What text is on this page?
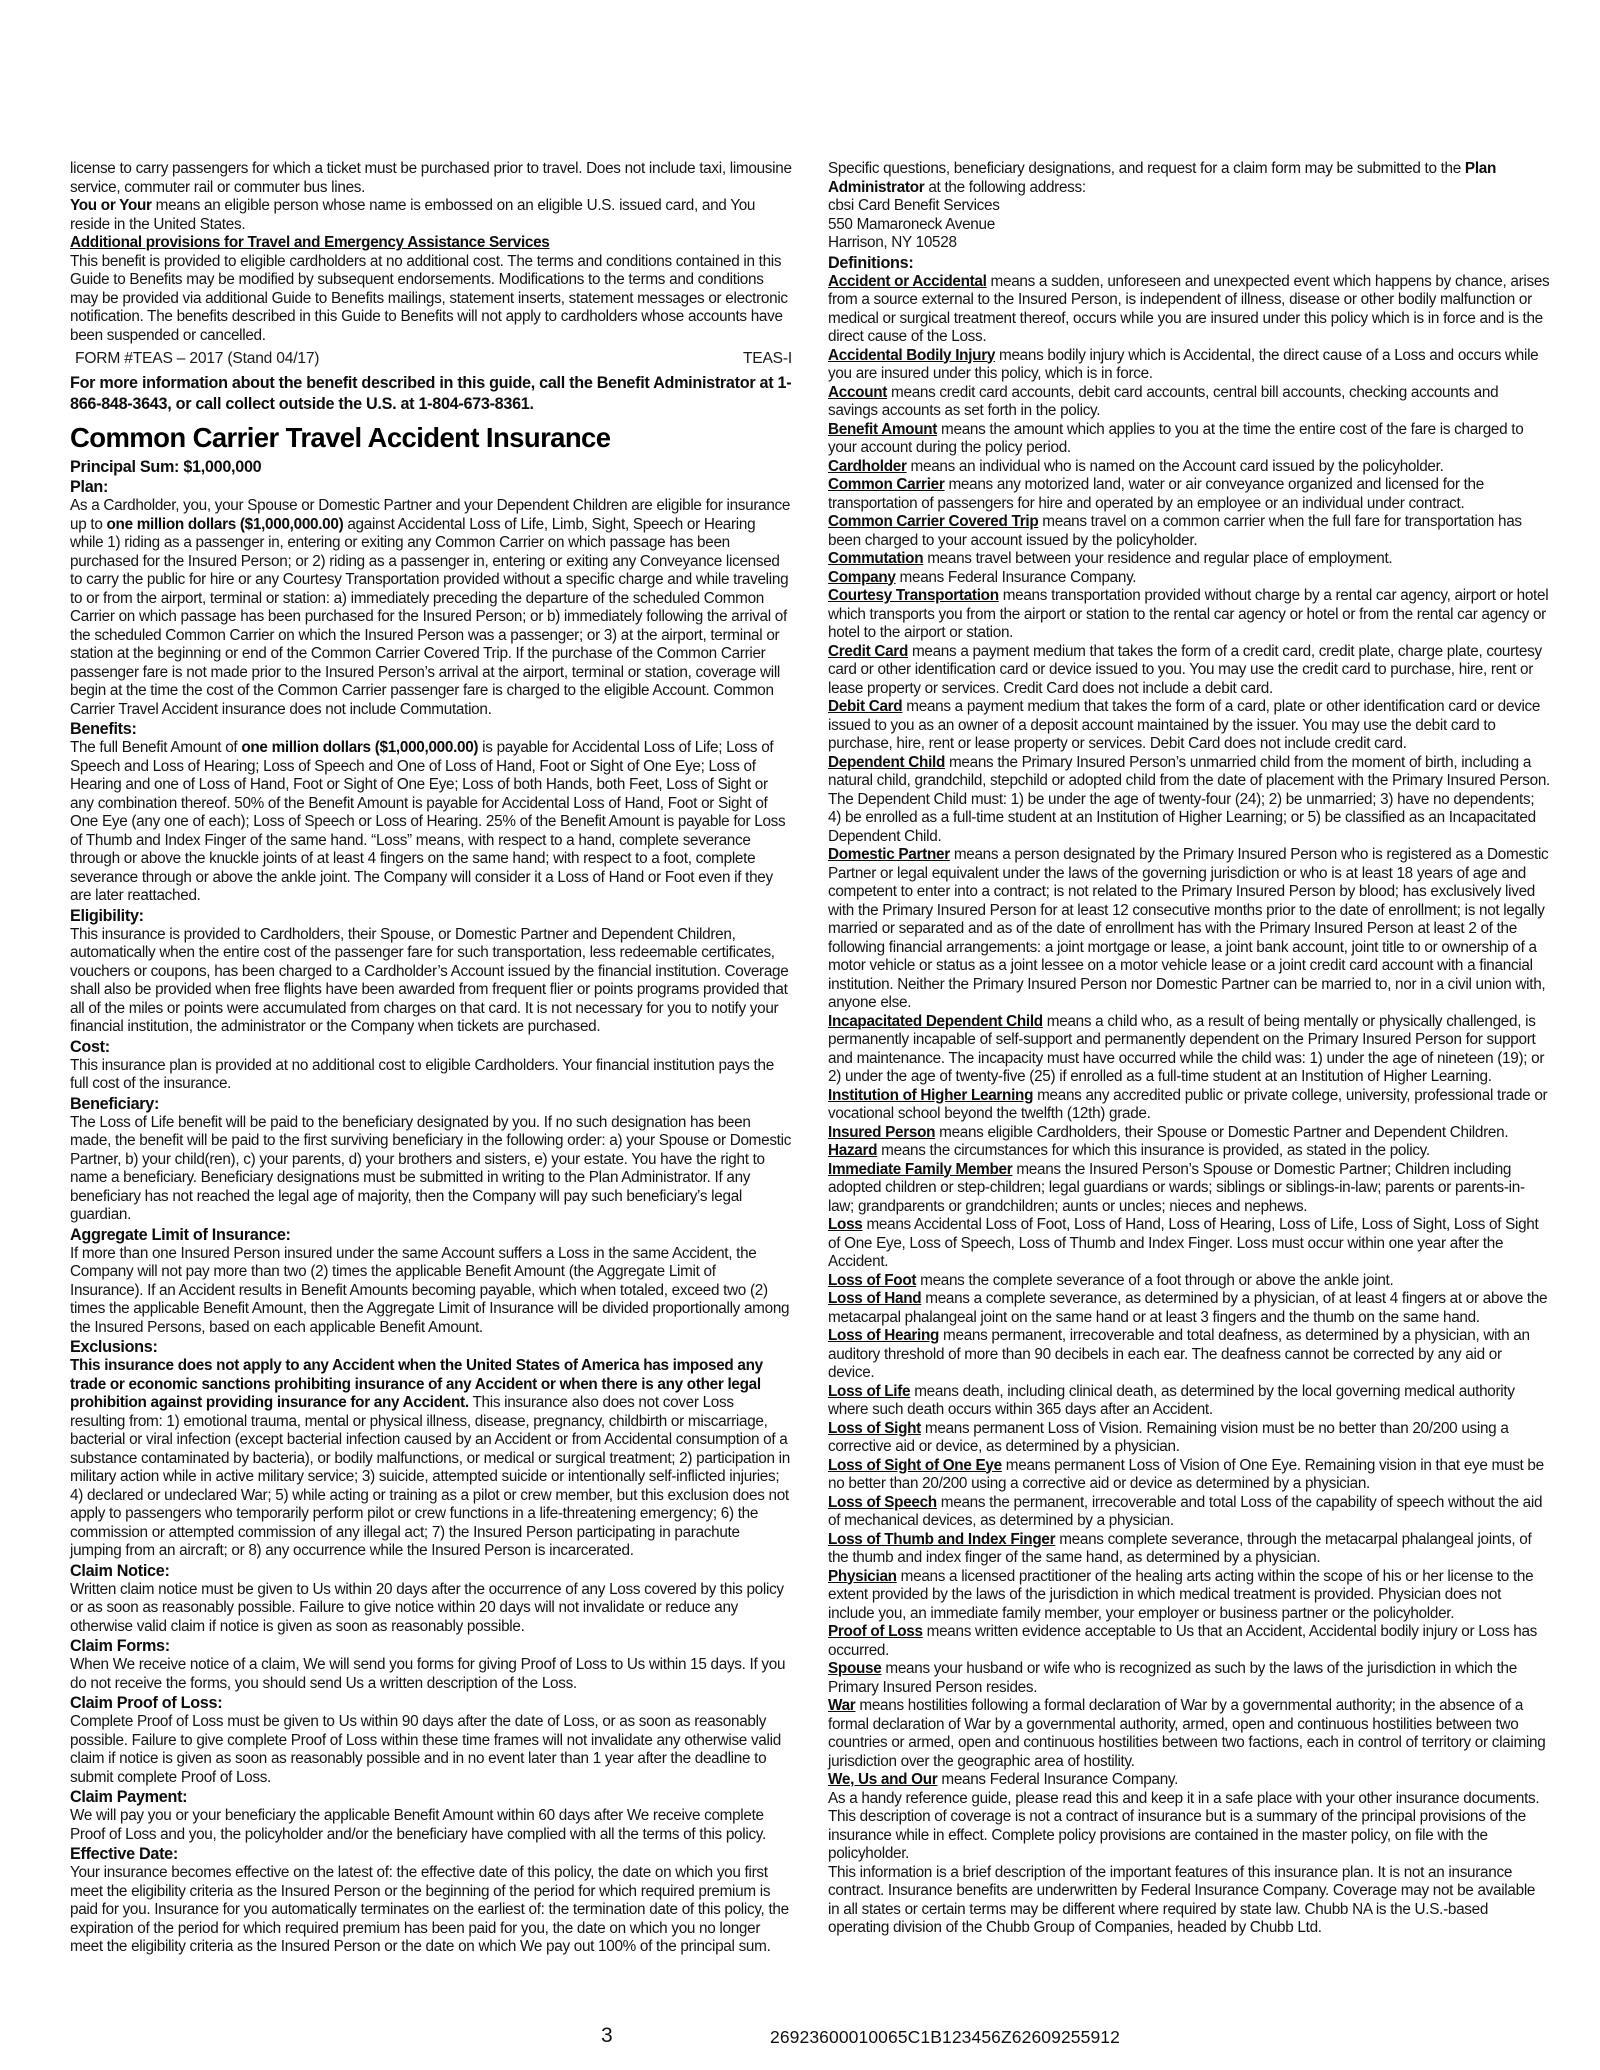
license to carry passengers for which a ticket must be purchased prior to travel. Does not include taxi, limousine service, commuter rail or commuter bus lines.
You or Your means an eligible person whose name is embossed on an eligible U.S. issued card, and You reside in the United States.
Additional provisions for Travel and Emergency Assistance Services
This benefit is provided to eligible cardholders at no additional cost. The terms and conditions contained in this Guide to Benefits may be modified by subsequent endorsements. Modifications to the terms and conditions may be provided via additional Guide to Benefits mailings, statement inserts, statement messages or electronic notification. The benefits described in this Guide to Benefits will not apply to cardholders whose accounts have been suspended or cancelled.
FORM #TEAS – 2017 (Stand 04/17)	TEAS-I
For more information about the benefit described in this guide, call the Benefit Administrator at 1-866-848-3643, or call collect outside the U.S. at 1-804-673-8361.
Common Carrier Travel Accident Insurance
Principal Sum: $1,000,000
Plan:
As a Cardholder, you, your Spouse or Domestic Partner and your Dependent Children are eligible for insurance up to one million dollars ($1,000,000.00) against Accidental Loss of Life, Limb, Sight, Speech or Hearing while 1) riding as a passenger in, entering or exiting any Common Carrier on which passage has been purchased for the Insured Person; or 2) riding as a passenger in, entering or exiting any Conveyance licensed to carry the public for hire or any Courtesy Transportation provided without a specific charge and while traveling to or from the airport, terminal or station: a) immediately preceding the departure of the scheduled Common Carrier on which passage has been purchased for the Insured Person; or b) immediately following the arrival of the scheduled Common Carrier on which the Insured Person was a passenger; or 3) at the airport, terminal or station at the beginning or end of the Common Carrier Covered Trip. If the purchase of the Common Carrier passenger fare is not made prior to the Insured Person’s arrival at the airport, terminal or station, coverage will begin at the time the cost of the Common Carrier passenger fare is charged to the eligible Account. Common Carrier Travel Accident insurance does not include Commutation.
Benefits:
The full Benefit Amount of one million dollars ($1,000,000.00) is payable for Accidental Loss of Life; Loss of Speech and Loss of Hearing; Loss of Speech and One of Loss of Hand, Foot or Sight of One Eye; Loss of Hearing and one of Loss of Hand, Foot or Sight of One Eye; Loss of both Hands, both Feet, Loss of Sight or any combination thereof. 50% of the Benefit Amount is payable for Accidental Loss of Hand, Foot or Sight of One Eye (any one of each); Loss of Speech or Loss of Hearing. 25% of the Benefit Amount is payable for Loss of Thumb and Index Finger of the same hand. “Loss” means, with respect to a hand, complete severance through or above the knuckle joints of at least 4 fingers on the same hand; with respect to a foot, complete severance through or above the ankle joint. The Company will consider it a Loss of Hand or Foot even if they are later reattached.
Eligibility:
This insurance is provided to Cardholders, their Spouse, or Domestic Partner and Dependent Children, automatically when the entire cost of the passenger fare for such transportation, less redeemable certificates, vouchers or coupons, has been charged to a Cardholder’s Account issued by the financial institution. Coverage shall also be provided when free flights have been awarded from frequent flier or points programs provided that all of the miles or points were accumulated from charges on that card. It is not necessary for you to notify your financial institution, the administrator or the Company when tickets are purchased.
Cost:
This insurance plan is provided at no additional cost to eligible Cardholders. Your financial institution pays the full cost of the insurance.
Beneficiary:
The Loss of Life benefit will be paid to the beneficiary designated by you. If no such designation has been made, the benefit will be paid to the first surviving beneficiary in the following order: a) your Spouse or Domestic Partner, b) your child(ren), c) your parents, d) your brothers and sisters, e) your estate. You have the right to name a beneficiary. Beneficiary designations must be submitted in writing to the Plan Administrator. If any beneficiary has not reached the legal age of majority, then the Company will pay such beneficiary’s legal guardian.
Aggregate Limit of Insurance:
If more than one Insured Person insured under the same Account suffers a Loss in the same Accident, the Company will not pay more than two (2) times the applicable Benefit Amount (the Aggregate Limit of Insurance). If an Accident results in Benefit Amounts becoming payable, which when totaled, exceed two (2) times the applicable Benefit Amount, then the Aggregate Limit of Insurance will be divided proportionally among the Insured Persons, based on each applicable Benefit Amount.
Exclusions:
This insurance does not apply to any Accident when the United States of America has imposed any trade or economic sanctions prohibiting insurance of any Accident or when there is any other legal prohibition against providing insurance for any Accident. This insurance also does not cover Loss resulting from: 1) emotional trauma, mental or physical illness, disease, pregnancy, childbirth or miscarriage, bacterial or viral infection (except bacterial infection caused by an Accident or from Accidental consumption of a substance contaminated by bacteria), or bodily malfunctions, or medical or surgical treatment; 2) participation in military action while in active military service; 3) suicide, attempted suicide or intentionally self-inflicted injuries; 4) declared or undeclared War; 5) while acting or training as a pilot or crew member, but this exclusion does not apply to passengers who temporarily perform pilot or crew functions in a life-threatening emergency; 6) the commission or attempted commission of any illegal act; 7) the Insured Person participating in parachute jumping from an aircraft; or 8) any occurrence while the Insured Person is incarcerated.
Claim Notice:
Written claim notice must be given to Us within 20 days after the occurrence of any Loss covered by this policy or as soon as reasonably possible. Failure to give notice within 20 days will not invalidate or reduce any otherwise valid claim if notice is given as soon as reasonably possible.
Claim Forms:
When We receive notice of a claim, We will send you forms for giving Proof of Loss to Us within 15 days. If you do not receive the forms, you should send Us a written description of the Loss.
Claim Proof of Loss:
Complete Proof of Loss must be given to Us within 90 days after the date of Loss, or as soon as reasonably possible. Failure to give complete Proof of Loss within these time frames will not invalidate any otherwise valid claim if notice is given as soon as reasonably possible and in no event later than 1 year after the deadline to submit complete Proof of Loss.
Claim Payment:
We will pay you or your beneficiary the applicable Benefit Amount within 60 days after We receive complete Proof of Loss and you, the policyholder and/or the beneficiary have complied with all the terms of this policy.
Effective Date:
Your insurance becomes effective on the latest of: the effective date of this policy, the date on which you first meet the eligibility criteria as the Insured Person or the beginning of the period for which required premium is paid for you. Insurance for you automatically terminates on the earliest of: the termination date of this policy, the expiration of the period for which required premium has been paid for you, the date on which you no longer meet the eligibility criteria as the Insured Person or the date on which We pay out 100% of the principal sum.
Specific questions, beneficiary designations, and request for a claim form may be submitted to the Plan Administrator at the following address:
cbsi Card Benefit Services
550 Mamaroneck Avenue
Harrison, NY 10528
Definitions:
Accident or Accidental means a sudden, unforeseen and unexpected event which happens by chance, arises from a source external to the Insured Person, is independent of illness, disease or other bodily malfunction or medical or surgical treatment thereof, occurs while you are insured under this policy which is in force and is the direct cause of the Loss.
Accidental Bodily Injury means bodily injury which is Accidental, the direct cause of a Loss and occurs while you are insured under this policy, which is in force.
Account means credit card accounts, debit card accounts, central bill accounts, checking accounts and savings accounts as set forth in the policy.
Benefit Amount means the amount which applies to you at the time the entire cost of the fare is charged to your account during the policy period.
Cardholder means an individual who is named on the Account card issued by the policyholder.
Common Carrier means any motorized land, water or air conveyance organized and licensed for the transportation of passengers for hire and operated by an employee or an individual under contract.
Common Carrier Covered Trip means travel on a common carrier when the full fare for transportation has been charged to your account issued by the policyholder.
Commutation means travel between your residence and regular place of employment.
Company means Federal Insurance Company.
Courtesy Transportation means transportation provided without charge by a rental car agency, airport or hotel which transports you from the airport or station to the rental car agency or hotel or from the rental car agency or hotel to the airport or station.
Credit Card means a payment medium that takes the form of a credit card, credit plate, charge plate, courtesy card or other identification card or device issued to you. You may use the credit card to purchase, hire, rent or lease property or services. Credit Card does not include a debit card.
Debit Card means a payment medium that takes the form of a card, plate or other identification card or device issued to you as an owner of a deposit account maintained by the issuer. You may use the debit card to purchase, hire, rent or lease property or services. Debit Card does not include credit card.
Dependent Child means the Primary Insured Person’s unmarried child from the moment of birth, including a natural child, grandchild, stepchild or adopted child from the date of placement with the Primary Insured Person. The Dependent Child must: 1) be under the age of twenty-four (24); 2) be unmarried; 3) have no dependents; 4) be enrolled as a full-time student at an Institution of Higher Learning; or 5) be classified as an Incapacitated Dependent Child.
Domestic Partner means a person designated by the Primary Insured Person who is registered as a Domestic Partner or legal equivalent under the laws of the governing jurisdiction or who is at least 18 years of age and competent to enter into a contract; is not related to the Primary Insured Person by blood; has exclusively lived with the Primary Insured Person for at least 12 consecutive months prior to the date of enrollment; is not legally married or separated and as of the date of enrollment has with the Primary Insured Person at least 2 of the following financial arrangements: a joint mortgage or lease, a joint bank account, joint title to or ownership of a motor vehicle or status as a joint lessee on a motor vehicle lease or a joint credit card account with a financial institution. Neither the Primary Insured Person nor Domestic Partner can be married to, nor in a civil union with, anyone else.
Incapacitated Dependent Child means a child who, as a result of being mentally or physically challenged, is permanently incapable of self-support and permanently dependent on the Primary Insured Person for support and maintenance. The incapacity must have occurred while the child was: 1) under the age of nineteen (19); or 2) under the age of twenty-five (25) if enrolled as a full-time student at an Institution of Higher Learning.
Institution of Higher Learning means any accredited public or private college, university, professional trade or vocational school beyond the twelfth (12th) grade.
Insured Person means eligible Cardholders, their Spouse or Domestic Partner and Dependent Children.
Hazard means the circumstances for which this insurance is provided, as stated in the policy.
Immediate Family Member means the Insured Person’s Spouse or Domestic Partner; Children including adopted children or step-children; legal guardians or wards; siblings or siblings-in-law; parents or parents-in-law; grandparents or grandchildren; aunts or uncles; nieces and nephews.
Loss means Accidental Loss of Foot, Loss of Hand, Loss of Hearing, Loss of Life, Loss of Sight, Loss of Sight of One Eye, Loss of Speech, Loss of Thumb and Index Finger. Loss must occur within one year after the Accident.
Loss of Foot means the complete severance of a foot through or above the ankle joint.
Loss of Hand means a complete severance, as determined by a physician, of at least 4 fingers at or above the metacarpal phalangeal joint on the same hand or at least 3 fingers and the thumb on the same hand.
Loss of Hearing means permanent, irrecoverable and total deafness, as determined by a physician, with an auditory threshold of more than 90 decibels in each ear. The deafness cannot be corrected by any aid or device.
Loss of Life means death, including clinical death, as determined by the local governing medical authority where such death occurs within 365 days after an Accident.
Loss of Sight means permanent Loss of Vision. Remaining vision must be no better than 20/200 using a corrective aid or device, as determined by a physician.
Loss of Sight of One Eye means permanent Loss of Vision of One Eye. Remaining vision in that eye must be no better than 20/200 using a corrective aid or device as determined by a physician.
Loss of Speech means the permanent, irrecoverable and total Loss of the capability of speech without the aid of mechanical devices, as determined by a physician.
Loss of Thumb and Index Finger means complete severance, through the metacarpal phalangeal joints, of the thumb and index finger of the same hand, as determined by a physician.
Physician means a licensed practitioner of the healing arts acting within the scope of his or her license to the extent provided by the laws of the jurisdiction in which medical treatment is provided. Physician does not include you, an immediate family member, your employer or business partner or the policyholder.
Proof of Loss means written evidence acceptable to Us that an Accident, Accidental bodily injury or Loss has occurred.
Spouse means your husband or wife who is recognized as such by the laws of the jurisdiction in which the Primary Insured Person resides.
War means hostilities following a formal declaration of War by a governmental authority; in the absence of a formal declaration of War by a governmental authority, armed, open and continuous hostilities between two countries or armed, open and continuous hostilities between two factions, each in control of territory or claiming jurisdiction over the geographic area of hostility.
We, Us and Our means Federal Insurance Company.
As a handy reference guide, please read this and keep it in a safe place with your other insurance documents. This description of coverage is not a contract of insurance but is a summary of the principal provisions of the insurance while in effect. Complete policy provisions are contained in the master policy, on file with the policyholder.
This information is a brief description of the important features of this insurance plan. It is not an insurance contract. Insurance benefits are underwritten by Federal Insurance Company. Coverage may not be available in all states or certain terms may be different where required by state law. Chubb NA is the U.S.-based operating division of the Chubb Group of Companies, headed by Chubb Ltd.
3	26923600010065C1B123456Z62609255912
